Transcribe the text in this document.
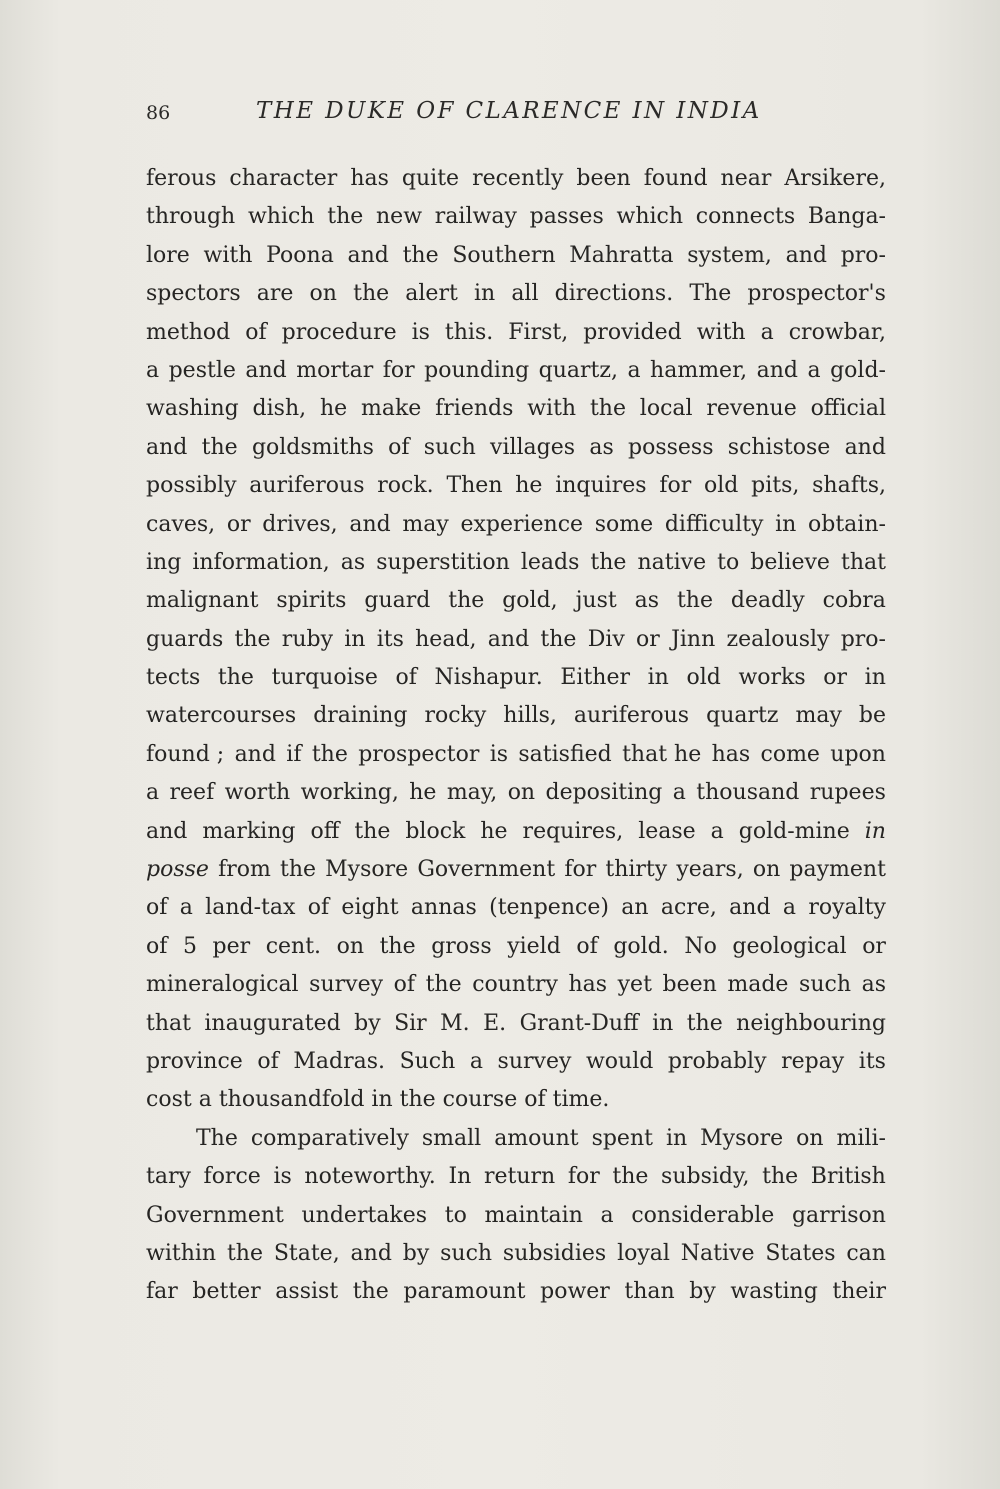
86	THE DUKE OF CLARENCE IN INDIA
ferous character has quite recently been found near Arsikere,
through which the new railway passes which connects Banga-
lore with Poona and the Southern Mahratta system, and pro-
spectors are on the alert in all directions. The prospector's
method of procedure is this. First, provided with a crowbar,
a pestle and mortar for pounding quartz, a hammer, and a gold-
washing dish, he make friends with the local revenue official
and the goldsmiths of such villages as possess schistose and
possibly auriferous rock. Then he inquires for old pits, shafts,
caves, or drives, and may experience some difficulty in obtain-
ing information, as superstition leads the native to believe that
malignant spirits guard the gold, just as the deadly cobra
guards the ruby in its head, and the Div or Jinn zealously pro-
tects the turquoise of Nishapur. Either in old works or in
watercourses draining rocky hills, auriferous quartz may be
found ; and if the prospector is satisfied that he has come upon
a reef worth working, he may, on depositing a thousand rupees
and marking off the block he requires, lease a gold-mine in
posse from the Mysore Government for thirty years, on payment
of a land-tax of eight annas (tenpence) an acre, and a royalty
of 5 per cent. on the gross yield of gold. No geological or
mineralogical survey of the country has yet been made such as
that inaugurated by Sir M. E. Grant-Duff in the neighbouring
province of Madras. Such a survey would probably repay its
cost a thousandfold in the course of time.
The comparatively small amount spent in Mysore on mili-
tary force is noteworthy. In return for the subsidy, the British
Government undertakes to maintain a considerable garrison
within the State, and by such subsidies loyal Native States can
far better assist the paramount power than by wasting their
